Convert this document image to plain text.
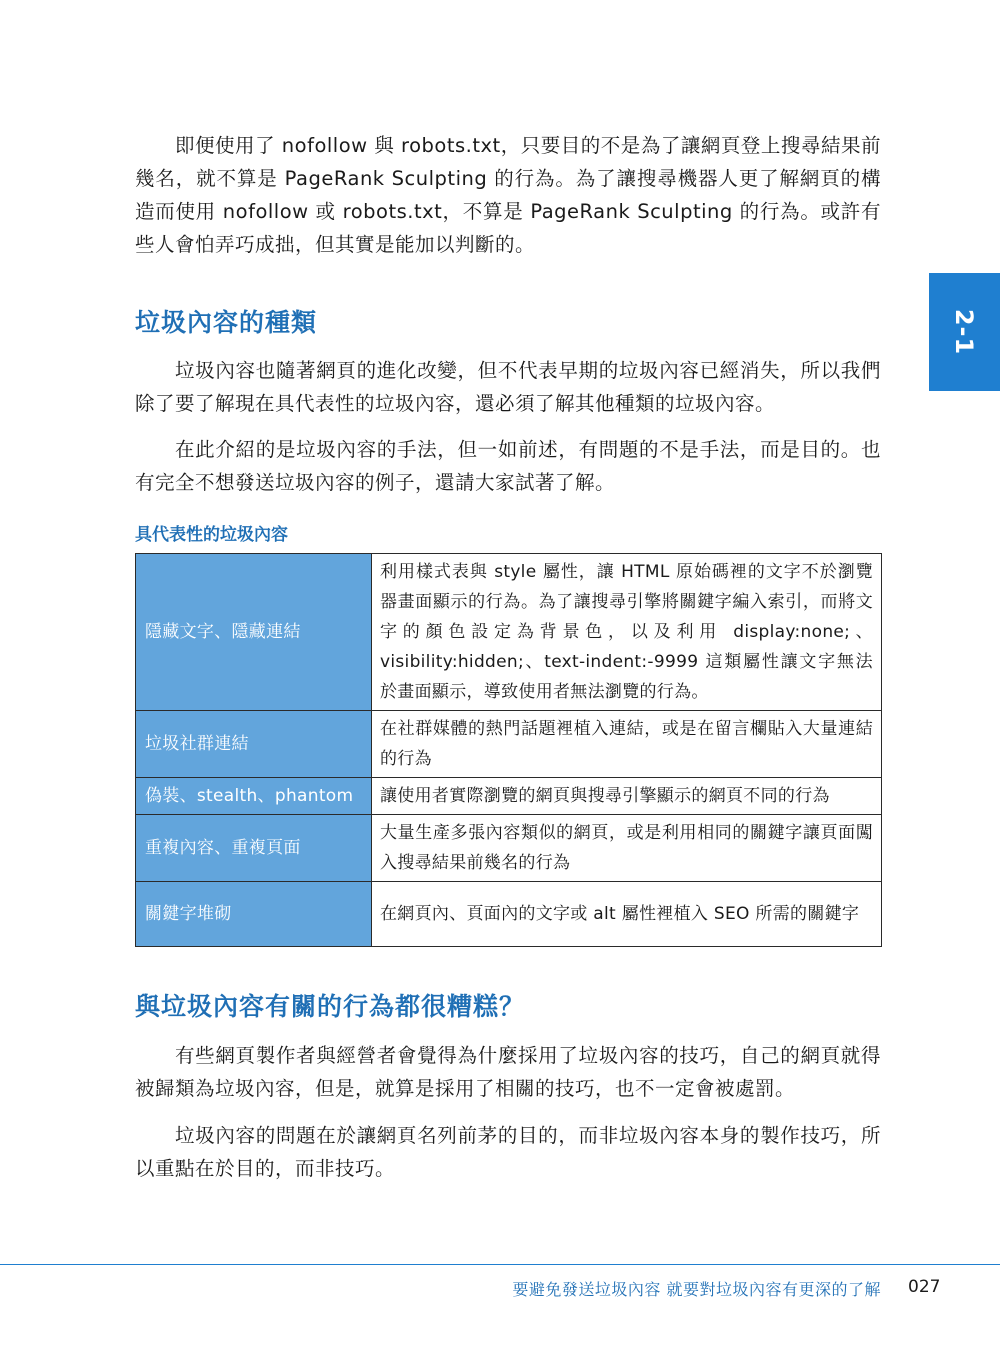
即便使用了 nofollow 與 robots.txt，只要目的不是為了讓網頁登上搜尋結果前幾名，就不算是 PageRank Sculpting 的行為。為了讓搜尋機器人更了解網頁的構造而使用 nofollow 或 robots.txt，不算是 PageRank Sculpting 的行為。或許有些人會怕弄巧成拙，但其實是能加以判斷的。

2-1
垃圾內容的種類

垃圾內容也隨著網頁的進化改變，但不代表早期的垃圾內容已經消失，所以我們除了要了解現在具代表性的垃圾內容，還必須了解其他種類的垃圾內容。

在此介紹的是垃圾內容的手法，但一如前述，有問題的不是手法，而是目的。也有完全不想發送垃圾內容的例子，還請大家試著了解。

具代表性的垃圾內容
隱藏文字、隱藏連結	利用樣式表與 style 屬性，讓 HTML 原始碼裡的文字不於瀏覽器畫面顯示的行為。為了讓搜尋引擎將關鍵字編入索引，而將文字的顏色設定為背景色，以及利用 display:none;、visibility:hidden;、text-indent:-9999 這類屬性讓文字無法於畫面顯示，導致使用者無法瀏覽的行為。
垃圾社群連結	在社群媒體的熱門話題裡植入連結，或是在留言欄貼入大量連結的行為
偽裝、stealth、phantom	讓使用者實際瀏覽的網頁與搜尋引擎顯示的網頁不同的行為
重複內容、重複頁面	大量生產多張內容類似的網頁，或是利用相同的關鍵字讓頁面闖入搜尋結果前幾名的行為
關鍵字堆砌	在網頁內、頁面內的文字或 alt 屬性裡植入 SEO 所需的關鍵字
與垃圾內容有關的行為都很糟糕？

有些網頁製作者與經營者會覺得為什麼採用了垃圾內容的技巧，自己的網頁就得被歸類為垃圾內容，但是，就算是採用了相關的技巧，也不一定會被處罰。

垃圾內容的問題在於讓網頁名列前茅的目的，而非垃圾內容本身的製作技巧，所以重點在於目的，而非技巧。

要避免發送垃圾內容 就要對垃圾內容有更深的了解 027
